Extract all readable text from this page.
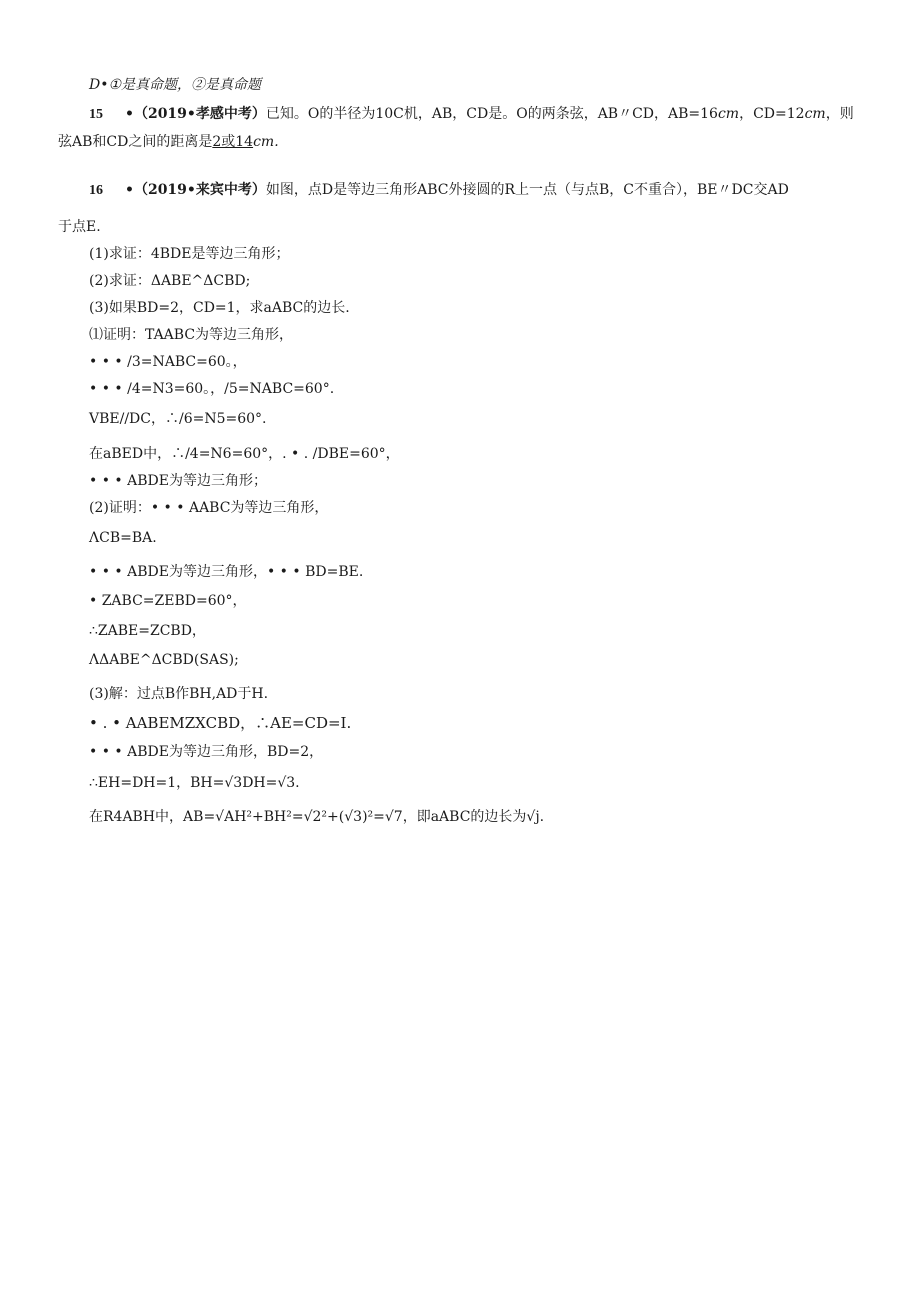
D•①是真命题，②是真命题
15 •（2019•孝感中考）已知。O的半径为10C机，AB，CD是。O的两条弦，AB〃CD，AB=16cm，CD=12cm，则
弦AB和CD之间的距离是2或14cm.
16 •（2019•来宾中考）如图，点D是等边三角形ABC外接圆的R上一点（与点B，C不重合），BE〃DC交AD
于点E.
(1)求证：4BDE是等边三角形；
(2)求证：ΔABE^ΔCBD;
(3)如果BD=2，CD=1，求aABC的边长.
⑴证明：TAABC为等边三角形，
• • • /3=NABC=60。，
• • • /4=N3=60。，/5=NABC=60°.
VBE//DC，∴/6=N5=60°.
在aBED中，∴/4=N6=60°，. • . /DBE=60°，
• • • ABDE为等边三角形；
(2)证明：• • • AABC为等边三角形，
ΛCB=BA.
• • • ABDE为等边三角形，• • • BD=BE.
• ZABC=ZEBD=60°，
∴ZABE=ZCBD，
ΛΔABE^ΔCBD(SAS);
(3)解：过点B作BH,AD于H.
• . • AABEMZXCBD，∴AE=CD=I.
• • • ABDE为等边三角形，BD=2，
∴EH=DH=1，BH=√3DH=√3.
在R4ABH中，AB=√AH²+BH²=√2²+(√3)²=√7，即aABC的边长为√j.
